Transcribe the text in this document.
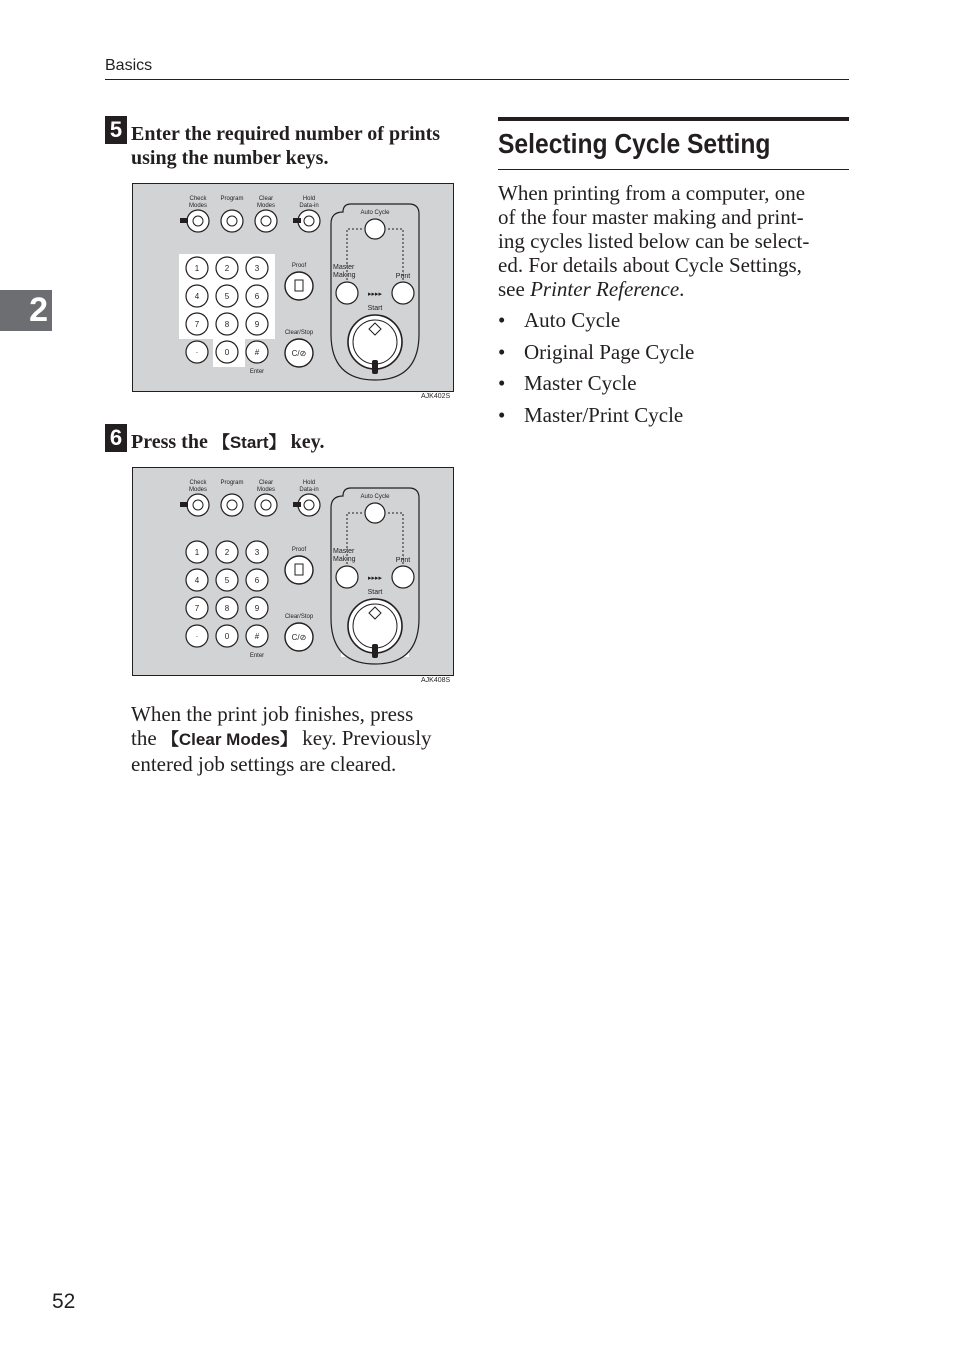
Basics
2
5 Enter the required number of prints using the number keys.
Check
Modes
Program	Clear
Modes
Hold
Data-in
1	2	3
4	5	6
7	8	9
·	0	#
Enter
Proof
Clear/Stop
C/⊘
Auto Cycle
Master
Making	Print
▸▸▸▸
Start
AJK402S
6 Press the 【Start】 key.
Check
Modes
Program	Clear
Modes
Hold
Data-in
1	2	3
4	5	6
7	8	9
·	0	#
Enter
Proof
Clear/Stop
C/⊘
Auto Cycle
Master
Making	Print
▸▸▸▸
Start
AJK408S
When the print job finishes, press
the 【Clear Modes】 key. Previously
entered job settings are cleared.
Selecting Cycle Setting
When printing from a computer, one
of the four master making and print-
ing cycles listed below can be select-
ed. For details about Cycle Settings,
see Printer Reference.
• Auto Cycle
• Original Page Cycle
• Master Cycle
• Master/Print Cycle
52
